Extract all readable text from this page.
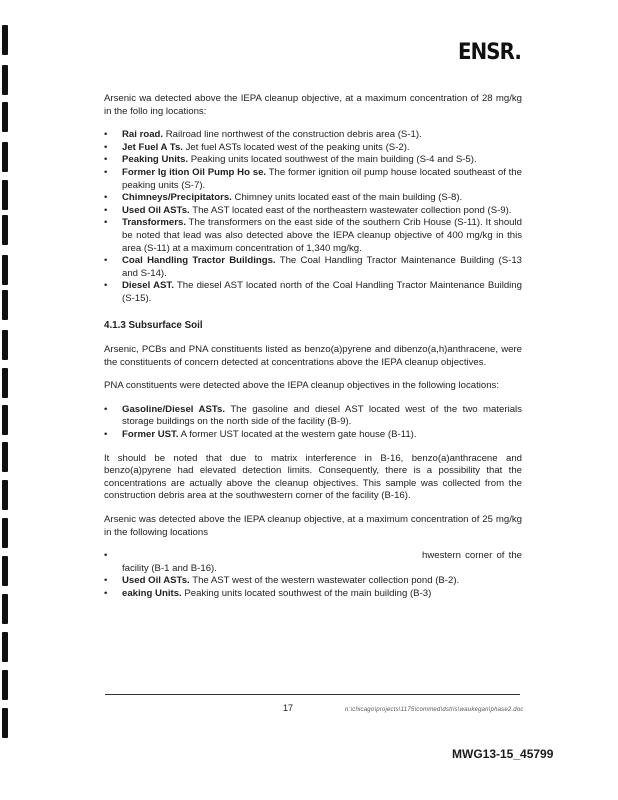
ENSR.

Arsenic wa detected above the IEPA cleanup objective, at a maximum concentration of 28 mg/kg in the follo ing locations:

• Rai road. Railroad line northwest of the construction debris area (S-1).
• Jet Fuel A Ts. Jet fuel ASTs located west of the peaking units (S-2).
• Peaking Units. Peaking units located southwest of the main building (S-4 and S-5).
• Former Ig ition Oil Pump Ho se. The former ignition oil pump house located southeast of the peaking units (S-7).
• Chimneys/Precipitators. Chimney units located east of the main building (S-8).
• Used Oil ASTs. The AST located east of the northeastern wastewater collection pond (S-9).
• Transformers. The transformers on the east side of the southern Crib House (S-11). It should be noted that lead was also detected above the IEPA cleanup objective of 400 mg/kg in this area (S-11) at a maximum concentration of 1,340 mg/kg.
• Coal Handling Tractor Buildings. The Coal Handling Tractor Maintenance Building (S-13 and S-14).
• Diesel AST. The diesel AST located north of the Coal Handling Tractor Maintenance Building (S-15).
4.1.3 Subsurface Soil

Arsenic, PCBs and PNA constituents listed as benzo(a)pyrene and dibenzo(a,h)anthracene, were the constituents of concern detected at concentrations above the IEPA cleanup objectives.

PNA constituents were detected above the IEPA cleanup objectives in the following locations:

• Gasoline/Diesel ASTs. The gasoline and diesel AST located west of the two materials storage buildings on the north side of the facility (B-9).
• Former UST. A former UST located at the western gate house (B-11).

It should be noted that due to matrix interference in B-16, benzo(a)anthracene and benzo(a)pyrene had elevated detection limits. Consequently, there is a possibility that the concentrations are actually above the cleanup objectives. This sample was collected from the construction debris area at the southwestern corner of the facility (B-16).

Arsenic was detected above the IEPA cleanup objective, at a maximum concentration of 25 mg/kg in the following locations

•	hwestern corner of the facility (B-1 and B-16).
• Used Oil ASTs. The AST west of the western wastewater collection pond (B-2).
• eaking Units. Peaking units located southwest of the main building (B-3)
17	n:\chicago\projects\1175\commed\dstris\waukegan\phase2.doc
MWG13-15_45799
